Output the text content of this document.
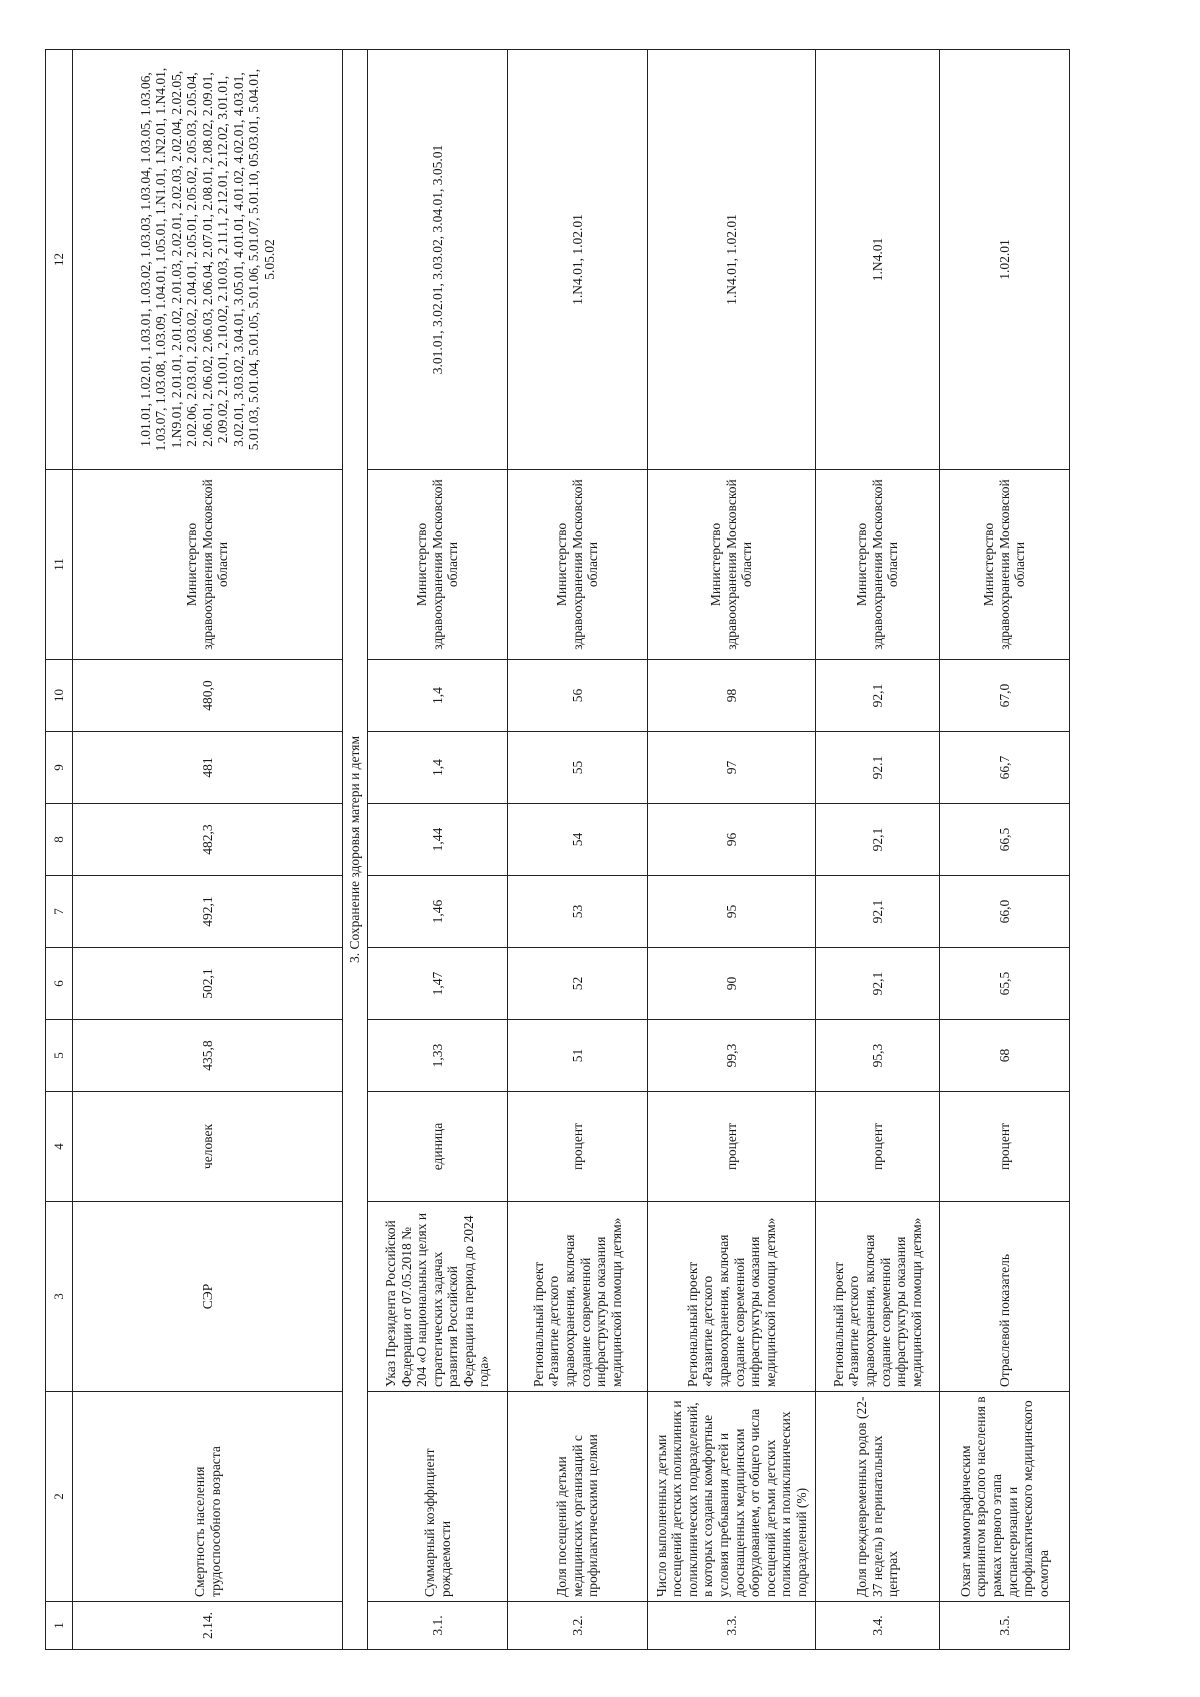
1	2	3	4	5	6	7	8	9	10	11	12
2.14.	Смертность населения трудоспособного возраста	СЭР	человек	435,8	502,1	492,1	482,3	481	480,0	Министерство здравоохранения Московской области	1.01.01, 1.02.01, 1.03.01, 1.03.02, 1.03.03, 1.03.04, 1.03.05, 1.03.06, 1.03.07, 1.03.08, 1.03.09, 1.04.01, 1.05.01, 1.N1.01, 1.N2.01, 1.N4.01, 1.N9.01, 2.01.01, 2.01.02, 2.01.03, 2.02.01, 2.02.03, 2.02.04, 2.02.05, 2.02.06, 2.03.01, 2.03.02, 2.04.01, 2.05.01, 2.05.02, 2.05.03, 2.05.04, 2.06.01, 2.06.02, 2.06.03, 2.06.04, 2.07.01, 2.08.01, 2.08.02, 2.09.01, 2.09.02, 2.10.01, 2.10.02, 2.10.03, 2.11.1, 2.12.01, 2.12.02, 3.01.01, 3.02.01, 3.03.02, 3.04.01, 3.05.01, 4.01.01, 4.01.02, 4.02.01, 4.03.01, 5.01.03, 5.01.04, 5.01.05, 5.01.06, 5.01.07, 5.01.10, 05.03.01, 5.04.01, 5.05.02
3. Сохранение здоровья матери и детям											
3.1.	Суммарный коэффициент рождаемости	Указ Президента Российской Федерации от 07.05.2018 № 204 «О национальных целях и стратегических задачах развития Российской Федерации на период до 2024 года»	единица	1,33	1,47	1,46	1,44	1,4	1,4	Министерство здравоохранения Московской области	3.01.01, 3.02.01, 3.03.02, 3.04.01, 3.05.01
3.2.	Доля посещений детьми медицинских организаций с профилактическими целями	Региональный проект «Развитие детского здравоохранения, включая создание современной инфраструктуры оказания медицинской помощи детям»	процент	51	52	53	54	55	56	Министерство здравоохранения Московской области	1.N4.01, 1.02.01
3.3.	Число выполненных детьми посещений детских поликлиник и поликлинических подразделений, в которых созданы комфортные условия пребывания детей и дооснащенных медицинским оборудованием, от общего числа посещений детьми детских поликлиник и поликлинических подразделений (%)	Региональный проект «Развитие детского здравоохранения, включая создание современной инфраструктуры оказания медицинской помощи детям»	процент	99,3	90	95	96	97	98	Министерство здравоохранения Московской области	1.N4.01, 1.02.01
3.4.	Доля преждевременных родов (22-37 недель) в перинатальных центрах	Региональный проект «Развитие детского здравоохранения, включая создание современной инфраструктуры оказания медицинской помощи детям»	процент	95,3	92,1	92,1	92,1	92.1	92,1	Министерство здравоохранения Московской области	1.N4.01
3.5.	Охват маммографическим скринингом взрослого населения в рамках первого этапа диспансеризации и профилактического медицинского осмотра	Отраслевой показатель	процент	68	65,5	66,0	66,5	66,7	67,0	Министерство здравоохранения Московской области	1.02.01
